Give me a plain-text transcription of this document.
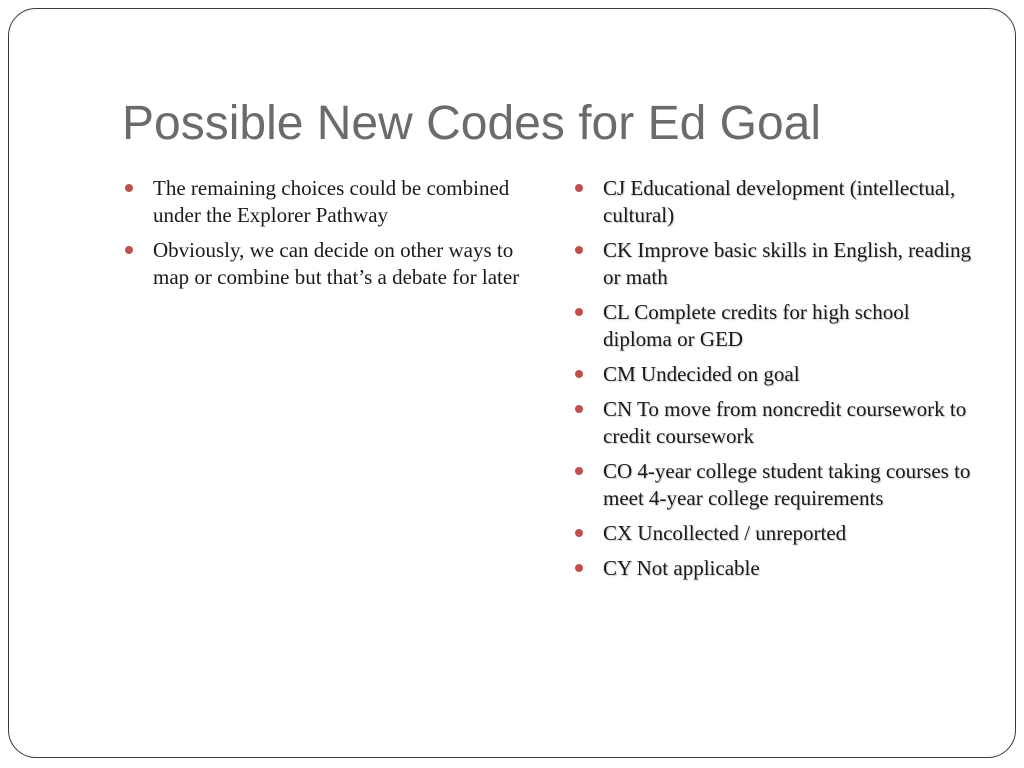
Possible New Codes for Ed Goal
The remaining choices could be combined under the Explorer Pathway
Obviously, we can decide on other ways to map or combine but that’s a debate for later
CJ Educational development (intellectual, cultural)
CK Improve basic skills in English, reading or math
CL Complete credits for high school diploma or GED
CM Undecided on goal
CN To move from noncredit coursework to credit coursework
CO 4-year college student taking courses to meet 4-year college requirements
CX Uncollected / unreported
CY Not applicable
